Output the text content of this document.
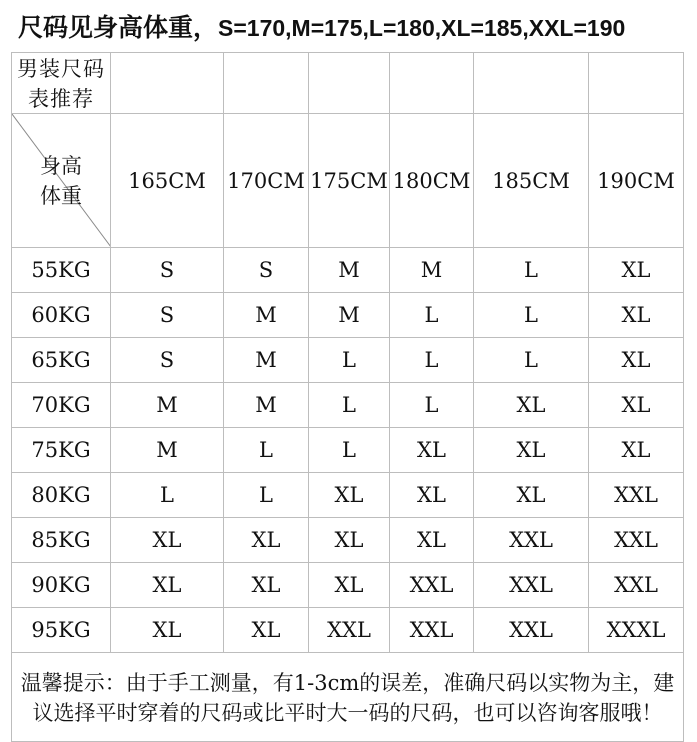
尺码见身高体重，S=170,M=175,L=180,XL=185,XXL=190
男装尺码表推荐						

身高
体重	165CM	170CM	175CM	180CM	185CM	190CM
55KG	S	S	M	M	L	XL
60KG	S	M	M	L	L	XL
65KG	S	M	L	L	L	XL
70KG	M	M	L	L	XL	XL
75KG	M	L	L	XL	XL	XL
80KG	L	L	XL	XL	XL	XXL
85KG	XL	XL	XL	XL	XXL	XXL
90KG	XL	XL	XL	XXL	XXL	XXL
95KG	XL	XL	XXL	XXL	XXL	XXXL
温馨提示：由于手工测量，有1-3cm的误差，准确尺码以实物为主，建议选择平时穿着的尺码或比平时大一码的尺码，也可以咨询客服哦！						
